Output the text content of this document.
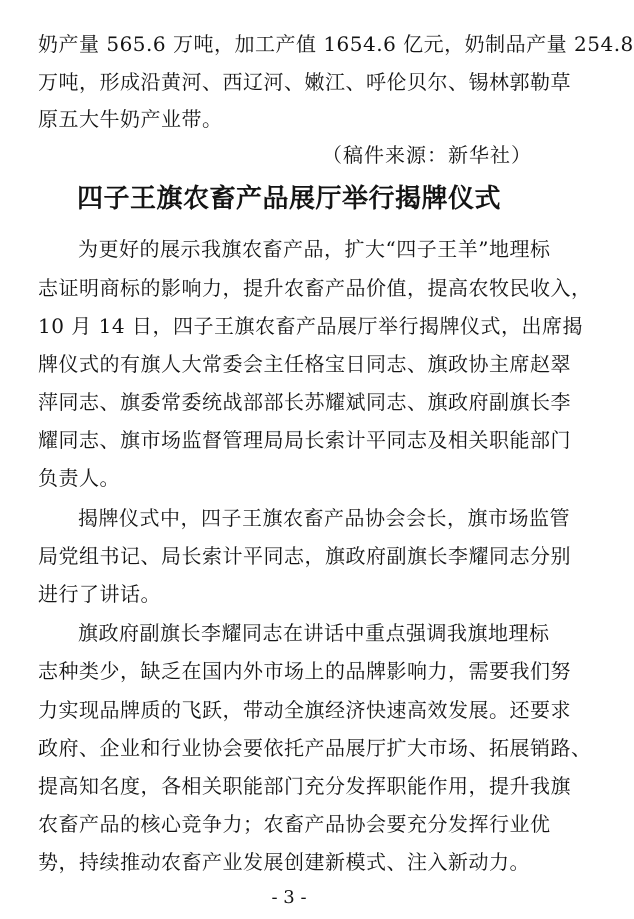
奶产量 565.6 万吨，加工产值 1654.6 亿元，奶制品产量 254.8
万吨，形成沿黄河、西辽河、嫩江、呼伦贝尔、锡林郭勒草
原五大牛奶产业带。
（稿件来源：新华社）
四子王旗农畜产品展厅举行揭牌仪式
为更好的展示我旗农畜产品，扩大“四子王羊”地理标
志证明商标的影响力，提升农畜产品价值，提高农牧民收入，
10 月 14 日，四子王旗农畜产品展厅举行揭牌仪式，出席揭
牌仪式的有旗人大常委会主任格宝日同志、旗政协主席赵翠
萍同志、旗委常委统战部部长苏耀斌同志、旗政府副旗长李
耀同志、旗市场监督管理局局长索计平同志及相关职能部门
负责人。
揭牌仪式中，四子王旗农畜产品协会会长，旗市场监管
局党组书记、局长索计平同志，旗政府副旗长李耀同志分别
进行了讲话。
旗政府副旗长李耀同志在讲话中重点强调我旗地理标
志种类少，缺乏在国内外市场上的品牌影响力，需要我们努
力实现品牌质的飞跃，带动全旗经济快速高效发展。还要求
政府、企业和行业协会要依托产品展厅扩大市场、拓展销路、
提高知名度，各相关职能部门充分发挥职能作用，提升我旗
农畜产品的核心竞争力；农畜产品协会要充分发挥行业优
势，持续推动农畜产业发展创建新模式、注入新动力。
- 3 -
